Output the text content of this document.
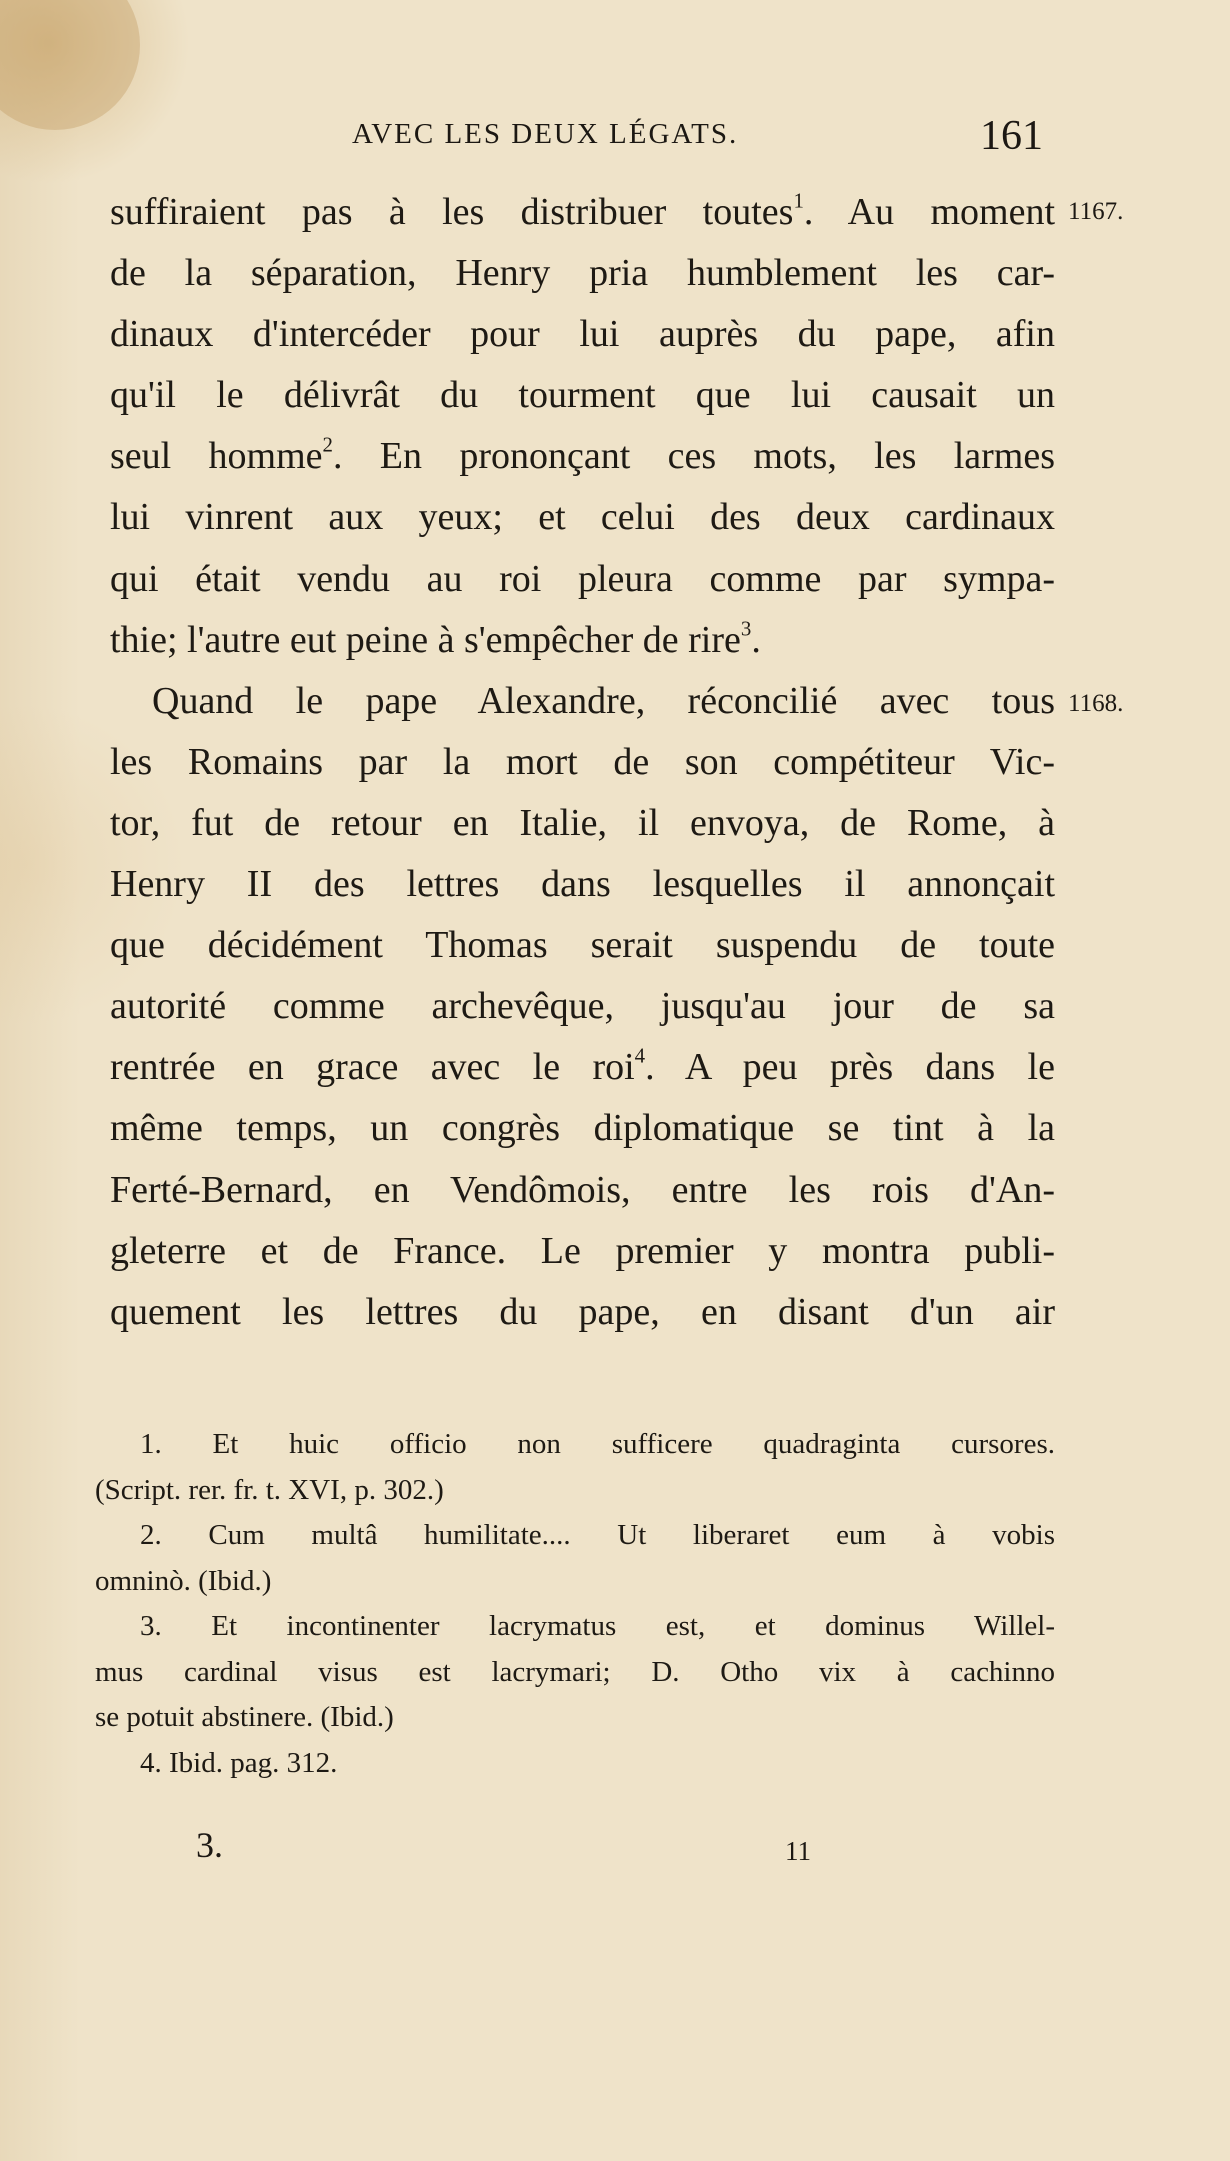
AVEC LES DEUX LÉGATS.	161
1167.
1168.
suffiraient pas à les distribuer toutes$^1$. Au moment
de la séparation, Henry pria humblement les car-
dinaux d'intercéder pour lui auprès du pape, afin
qu'il le délivrât du tourment que lui causait un
seul homme$^2$. En prononçant ces mots, les larmes
lui vinrent aux yeux; et celui des deux cardinaux
qui était vendu au roi pleura comme par sympa-
thie; l'autre eut peine à s'empêcher de rire$^3$.
Quand le pape Alexandre, réconcilié avec tous
les Romains par la mort de son compétiteur Vic-
tor, fut de retour en Italie, il envoya, de Rome, à
Henry II des lettres dans lesquelles il annonçait
que décidément Thomas serait suspendu de toute
autorité comme archevêque, jusqu'au jour de sa
rentrée en grace avec le roi$^4$. A peu près dans le
même temps, un congrès diplomatique se tint à la
Ferté-Bernard, en Vendômois, entre les rois d'An-
gleterre et de France. Le premier y montra publi-
quement les lettres du pape, en disant d'un air
1. Et huic officio non sufficere quadraginta cursores.
(Script. rer. fr. t. XVI, p. 302.)
2. Cum multâ humilitate.... Ut liberaret eum à vobis
omninò. (Ibid.)
3. Et incontinenter lacrymatus est, et dominus Willel-
mus cardinal visus est lacrymari; D. Otho vix à cachinno
se potuit abstinere. (Ibid.)
4. Ibid. pag. 312.
3.	11
